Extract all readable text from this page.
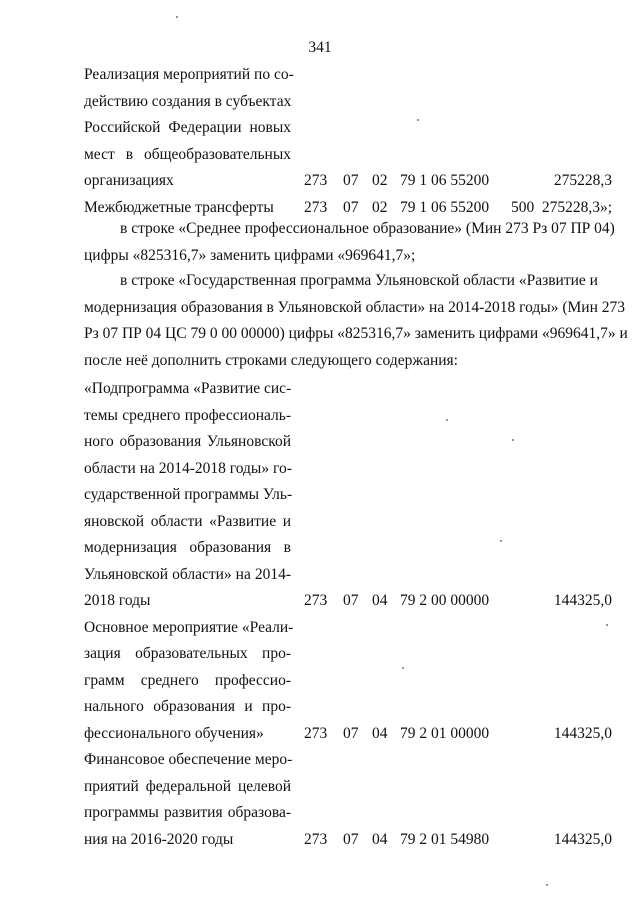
341
Реализация мероприятий по со-
действию создания в субъектах
Российской Федерации новых
мест в общеобразовательных
организациях	273 07 02 79 1 06 55200	275228,3
Межбюджетные трансферты	273 07 02 79 1 06 55200 500 275228,3»;
в строке «Среднее профессиональное образование» (Мин 273 Рз 07 ПР 04)
цифры «825316,7» заменить цифрами «969641,7»;
в строке «Государственная программа Ульяновской области «Развитие и
модернизация образования в Ульяновской области» на 2014-2018 годы» (Мин 273
Рз 07 ПР 04 ЦС 79 0 00 00000) цифры «825316,7» заменить цифрами «969641,7» и
после неё дополнить строками следующего содержания:
«Подпрограмма «Развитие сис-
темы среднего профессиональ-
ного образования Ульяновской
области на 2014-2018 годы» го-
сударственной программы Уль-
яновской области «Развитие и
модернизация образования в
Ульяновской области» на 2014-
2018 годы	273 07 04 79 2 00 00000	144325,0
Основное мероприятие «Реали-
зация образовательных про-
грамм среднего профессио-
нального образования и про-
фессионального обучения»	273 07 04 79 2 01 00000	144325,0
Финансовое обеспечение меро-
приятий федеральной целевой
программы развития образова-
ния на 2016-2020 годы	273 07 04 79 2 01 54980	144325,0
